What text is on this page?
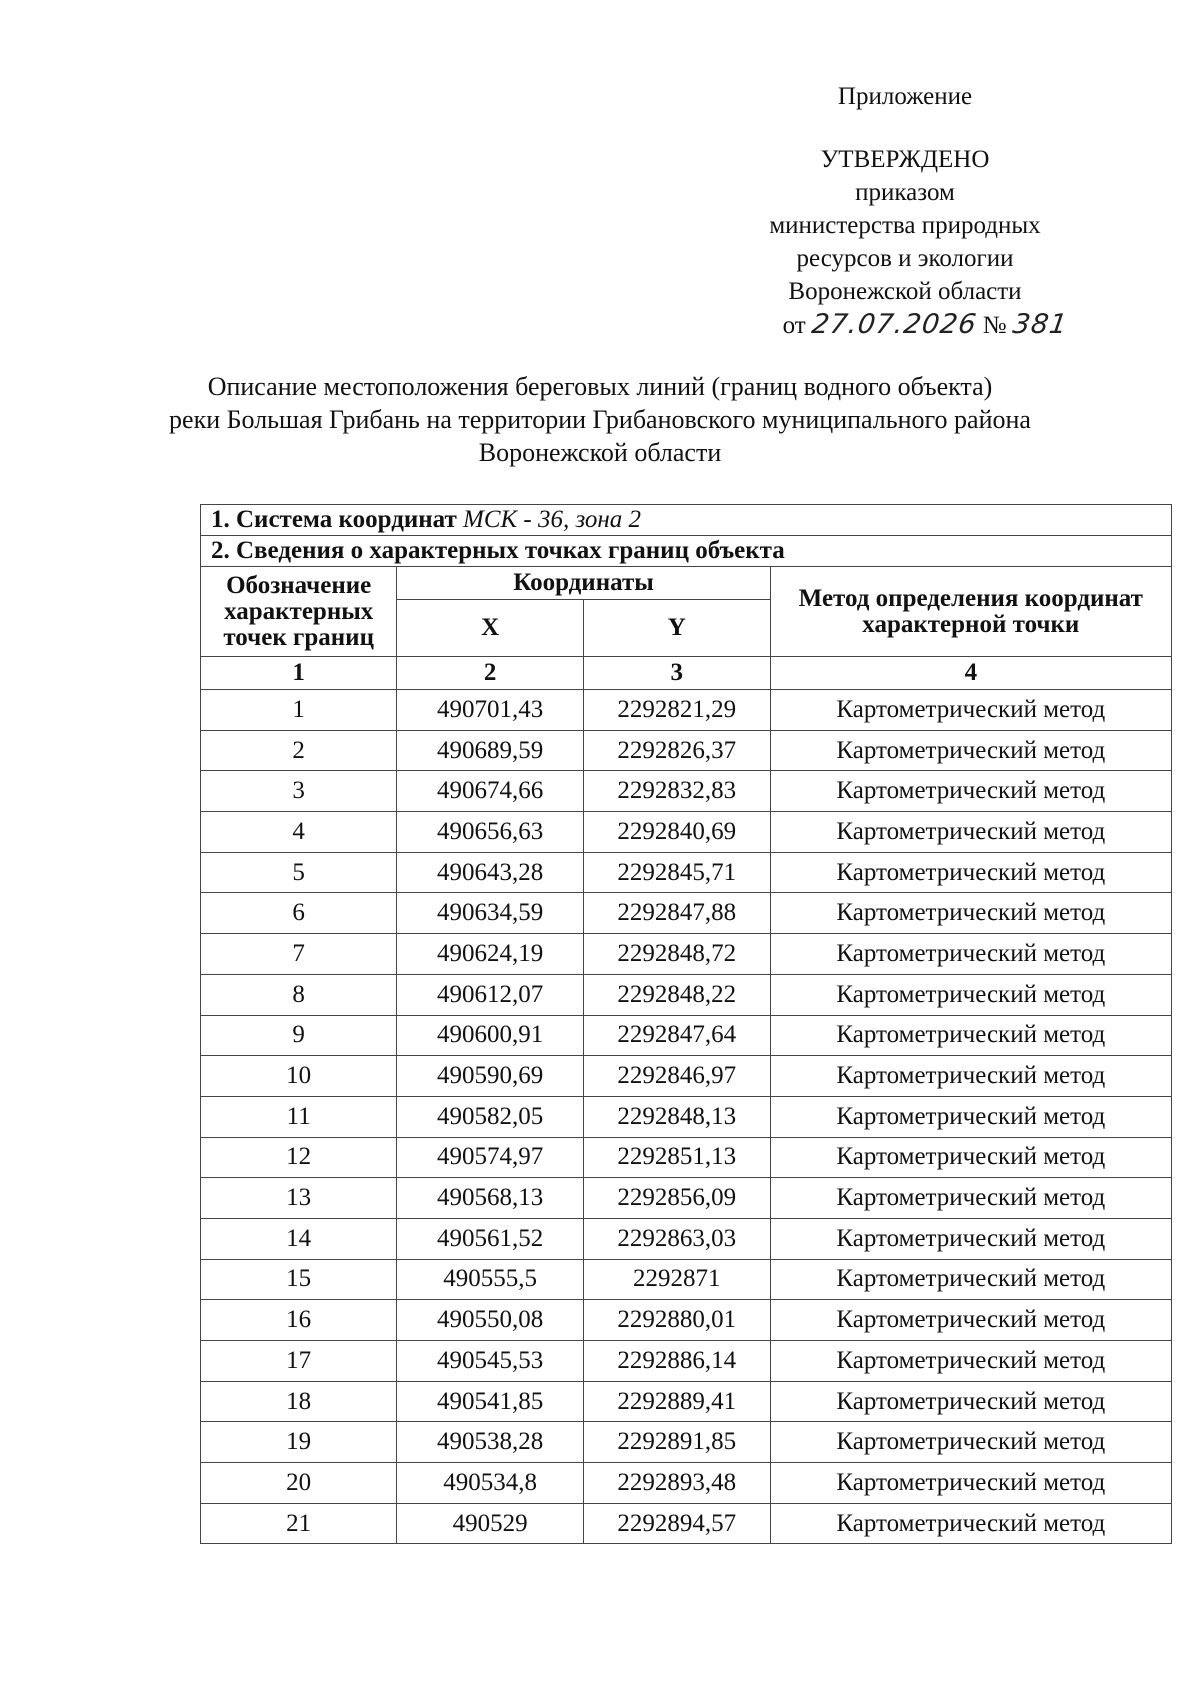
Приложение
УТВЕРЖДЕНО
приказом
министерства природных
ресурсов и экологии
Воронежской области
от 27.07.2026 № 381
Описание местоположения береговых линий (границ водного объекта)
реки Большая Грибань на территории Грибановского муниципального района
Воронежской области
1. Система координат МСК - 36, зона 2			
2. Сведения о характерных точках границ объекта			
Обозначение характерных точек границ	Координаты		Метод определения координат характерной точки
	X	Y	
1	2	3	4
1	490701,43	2292821,29	Картометрический метод
2	490689,59	2292826,37	Картометрический метод
3	490674,66	2292832,83	Картометрический метод
4	490656,63	2292840,69	Картометрический метод
5	490643,28	2292845,71	Картометрический метод
6	490634,59	2292847,88	Картометрический метод
7	490624,19	2292848,72	Картометрический метод
8	490612,07	2292848,22	Картометрический метод
9	490600,91	2292847,64	Картометрический метод
10	490590,69	2292846,97	Картометрический метод
11	490582,05	2292848,13	Картометрический метод
12	490574,97	2292851,13	Картометрический метод
13	490568,13	2292856,09	Картометрический метод
14	490561,52	2292863,03	Картометрический метод
15	490555,5	2292871	Картометрический метод
16	490550,08	2292880,01	Картометрический метод
17	490545,53	2292886,14	Картометрический метод
18	490541,85	2292889,41	Картометрический метод
19	490538,28	2292891,85	Картометрический метод
20	490534,8	2292893,48	Картометрический метод
21	490529	2292894,57	Картометрический метод
